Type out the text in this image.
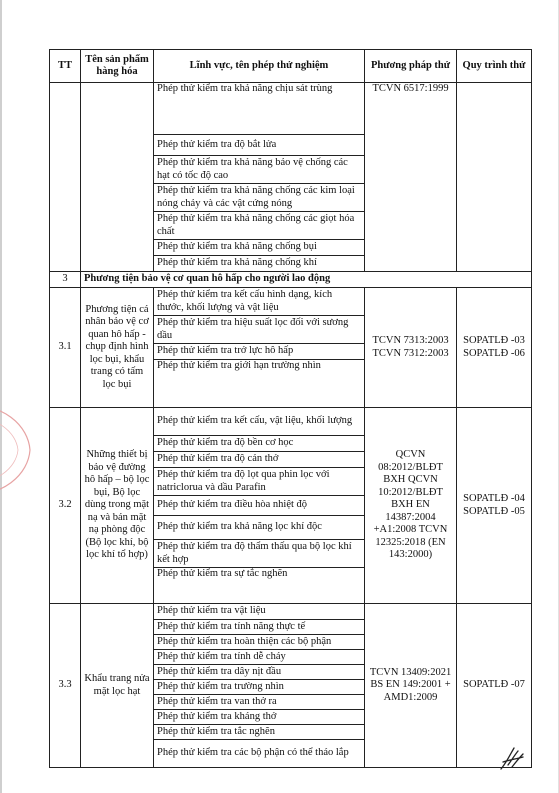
TT	Tên sản phẩm hàng hóa	Lĩnh vực, tên phép thử nghiệm	Phương pháp thử	Quy trình thử
		Phép thử kiểm tra khả năng chịu sát trùng	TCVN 6517:1999	
		Phép thử kiểm tra độ bắt lửa		
		Phép thử kiểm tra khả năng bảo vệ chống các hạt có tốc độ cao		
		Phép thử kiểm tra khả năng chống các kim loại nóng chảy và các vật cứng nóng		
		Phép thử kiểm tra khả năng chống các giọt hóa chất		
		Phép thử kiểm tra khả năng chống bụi		
		Phép thử kiểm tra khả năng chống khí		
3	Phương tiện bảo vệ cơ quan hô hấp cho người lao động			
3.1	Phương tiện cá nhân bảo vệ cơ quan hô hấp - chụp định hình lọc bụi, khẩu trang có tấm lọc bụi	Phép thử kiểm tra kết cấu hình dạng, kích thước, khối lượng và vật liệu	TCVN 7313:2003 TCVN 7312:2003	SOPATLĐ -03 SOPATLĐ -06
		Phép thử kiểm tra hiệu suất lọc đối với sương dầu		
		Phép thử kiểm tra trở lực hô hấp		
		Phép thử kiểm tra giới hạn trường nhìn		
3.2	Những thiết bị bảo vệ đường hô hấp – bộ lọc bụi, Bộ lọc dùng trong mặt nạ và bán mặt nạ phòng độc (Bộ lọc khí, bộ lọc khí tổ hợp)	Phép thử kiểm tra kết cấu, vật liệu, khối lượng	QCVN 08:2012/BLĐT BXH QCVN 10:2012/BLĐT BXH EN 14387:2004 +A1:2008 TCVN 12325:2018 (EN 143:2000)	SOPATLĐ -04 SOPATLĐ -05
		Phép thử kiểm tra độ bền cơ học		
		Phép thử kiểm tra độ cản thở		
		Phép thử kiểm tra độ lọt qua phin lọc với natriclorua và dầu Parafin		
		Phép thử kiểm tra điều hòa nhiệt độ		
		Phép thử kiểm tra khả năng lọc khí độc		
		Phép thử kiểm tra độ thẩm thấu qua bộ lọc khí kết hợp		
		Phép thử kiểm tra sự tắc nghẽn		
3.3	Khẩu trang nửa mặt lọc hạt	Phép thử kiểm tra vật liệu	TCVN 13409:2021 BS EN 149:2001 + AMD1:2009	SOPATLĐ -07
		Phép thử kiểm tra tính năng thực tế		
		Phép thử kiểm tra hoàn thiện các bộ phận		
		Phép thử kiểm tra tính dễ cháy		
		Phép thử kiểm tra dây nịt đầu		
		Phép thử kiểm tra trường nhìn		
		Phép thử kiểm tra van thở ra		
		Phép thử kiểm tra kháng thở		
		Phép thử kiểm tra tắc nghẽn		
		Phép thử kiểm tra các bộ phận có thể tháo lắp		
